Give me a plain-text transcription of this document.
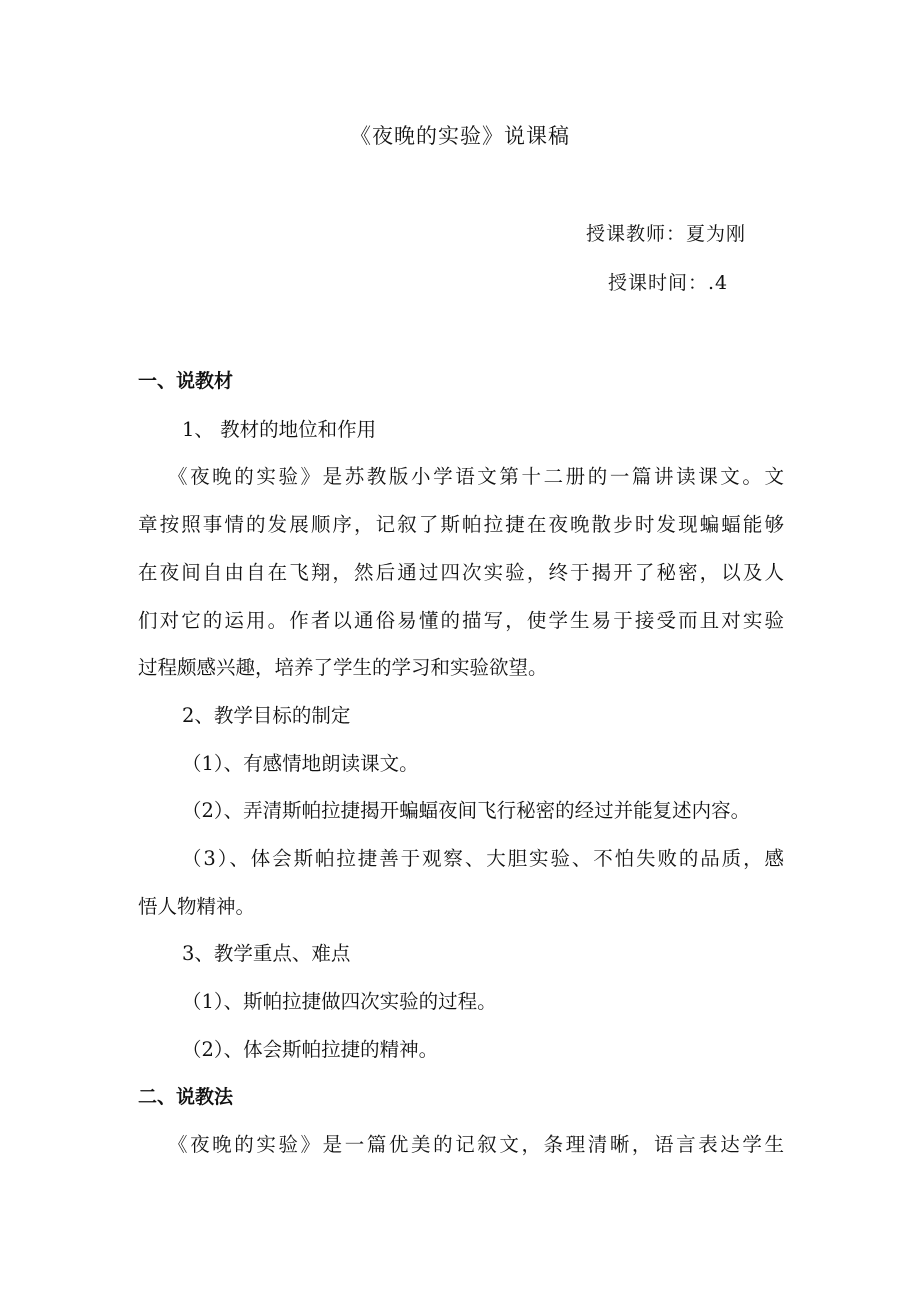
《夜晚的实验》说课稿
授课教师：夏为刚
授课时间：.4

一、说教材

1、 教材的地位和作用

《夜晚的实验》是苏教版小学语文第十二册的一篇讲读课文。文
章按照事情的发展顺序，记叙了斯帕拉捷在夜晚散步时发现蝙蝠能够
在夜间自由自在飞翔，然后通过四次实验，终于揭开了秘密，以及人
们对它的运用。作者以通俗易懂的描写，使学生易于接受而且对实验
过程颇感兴趣，培养了学生的学习和实验欲望。

2、教学目标的制定

（1）、有感情地朗读课文。
（2）、弄清斯帕拉捷揭开蝙蝠夜间飞行秘密的经过并能复述内容。
（3）、体会斯帕拉捷善于观察、大胆实验、不怕失败的品质，感
悟人物精神。

3、教学重点、难点

（1）、斯帕拉捷做四次实验的过程。
（2）、体会斯帕拉捷的精神。

二、说教法

《夜晚的实验》是一篇优美的记叙文，条理清晰，语言表达学生
